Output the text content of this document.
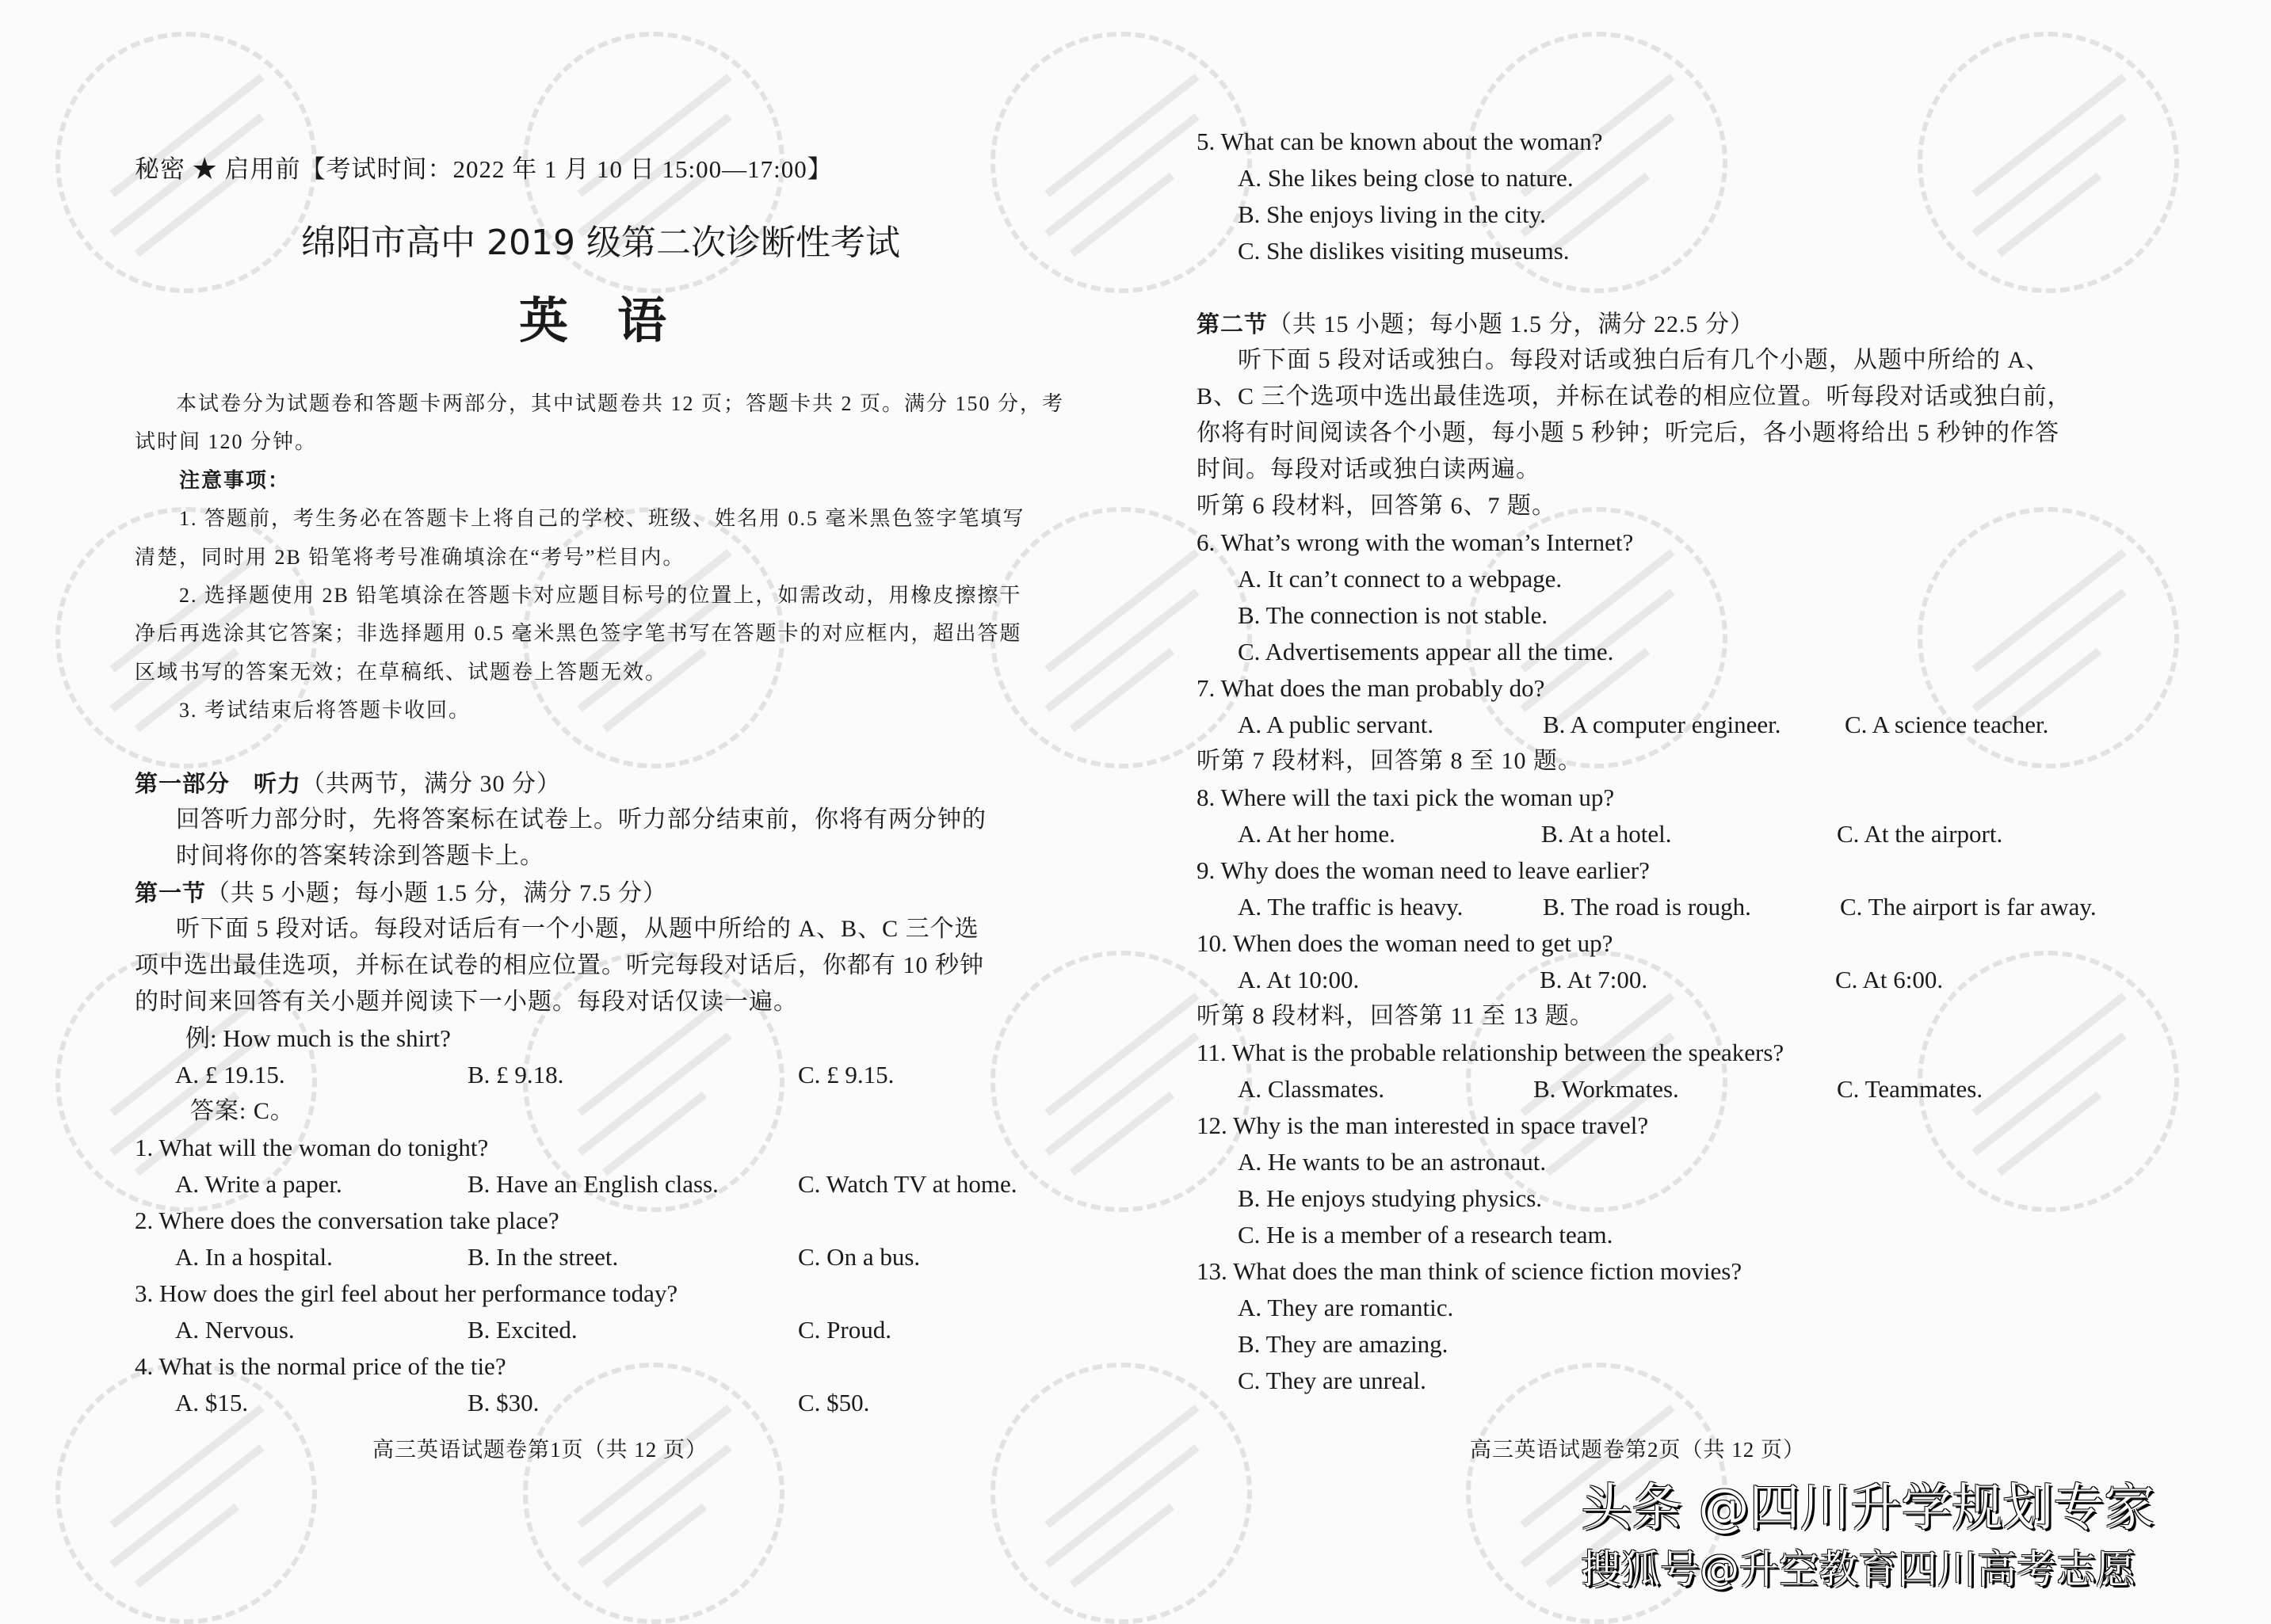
秘密 ★ 启用前【考试时间：2022 年 1 月 10 日 15:00—17:00】
绵阳市高中 2019 级第二次诊断性考试
英　语
本试卷分为试题卷和答题卡两部分，其中试题卷共 12 页；答题卡共 2 页。满分 150 分，考
试时间 120 分钟。
注意事项：
1. 答题前，考生务必在答题卡上将自己的学校、班级、姓名用 0.5 毫米黑色签字笔填写
清楚，同时用 2B 铅笔将考号准确填涂在“考号”栏目内。
2. 选择题使用 2B 铅笔填涂在答题卡对应题目标号的位置上，如需改动，用橡皮擦擦干
净后再选涂其它答案；非选择题用 0.5 毫米黑色签字笔书写在答题卡的对应框内，超出答题
区域书写的答案无效；在草稿纸、试题卷上答题无效。
3. 考试结束后将答题卡收回。
第一部分　听力（共两节，满分 30 分）
回答听力部分时，先将答案标在试卷上。听力部分结束前，你将有两分钟的
时间将你的答案转涂到答题卡上。
第一节（共 5 小题；每小题 1.5 分，满分 7.5 分）
听下面 5 段对话。每段对话后有一个小题，从题中所给的 A、B、C 三个选
项中选出最佳选项，并标在试卷的相应位置。听完每段对话后，你都有 10 秒钟
的时间来回答有关小题并阅读下一小题。每段对话仅读一遍。
例: How much is the shirt?
A. £ 19.15.	B. £ 9.18.	C. £ 9.15.
答案: C。
1. What will the woman do tonight?
A. Write a paper.	B. Have an English class.	C. Watch TV at home.
2. Where does the conversation take place?
A. In a hospital.	B. In the street.	C. On a bus.
3. How does the girl feel about her performance today?
A. Nervous.	B. Excited.	C. Proud.
4. What is the normal price of the tie?
A. $15.	B. $30.	C. $50.
高三英语试题卷第1页（共 12 页）
5. What can be known about the woman?
A. She likes being close to nature.
B. She enjoys living in the city.
C. She dislikes visiting museums.
第二节（共 15 小题；每小题 1.5 分，满分 22.5 分）
听下面 5 段对话或独白。每段对话或独白后有几个小题，从题中所给的 A、
B、C 三个选项中选出最佳选项，并标在试卷的相应位置。听每段对话或独白前，
你将有时间阅读各个小题，每小题 5 秒钟；听完后，各小题将给出 5 秒钟的作答
时间。每段对话或独白读两遍。
听第 6 段材料，回答第 6、7 题。
6. What’s wrong with the woman’s Internet?
A. It can’t connect to a webpage.
B. The connection is not stable.
C. Advertisements appear all the time.
7. What does the man probably do?
A. A public servant.	B. A computer engineer.	C. A science teacher.
听第 7 段材料，回答第 8 至 10 题。
8. Where will the taxi pick the woman up?
A. At her home.	B. At a hotel.	C. At the airport.
9. Why does the woman need to leave earlier?
A. The traffic is heavy.	B. The road is rough.	C. The airport is far away.
10. When does the woman need to get up?
A. At 10:00.	B. At 7:00.	C. At 6:00.
听第 8 段材料，回答第 11 至 13 题。
11. What is the probable relationship between the speakers?
A. Classmates.	B. Workmates.	C. Teammates.
12. Why is the man interested in space travel?
A. He wants to be an astronaut.
B. He enjoys studying physics.
C. He is a member of a research team.
13. What does the man think of science fiction movies?
A. They are romantic.
B. They are amazing.
C. They are unreal.
高三英语试题卷第2页（共 12 页）
头条 @四川升学规划专家
搜狐号@升空教育四川高考志愿
